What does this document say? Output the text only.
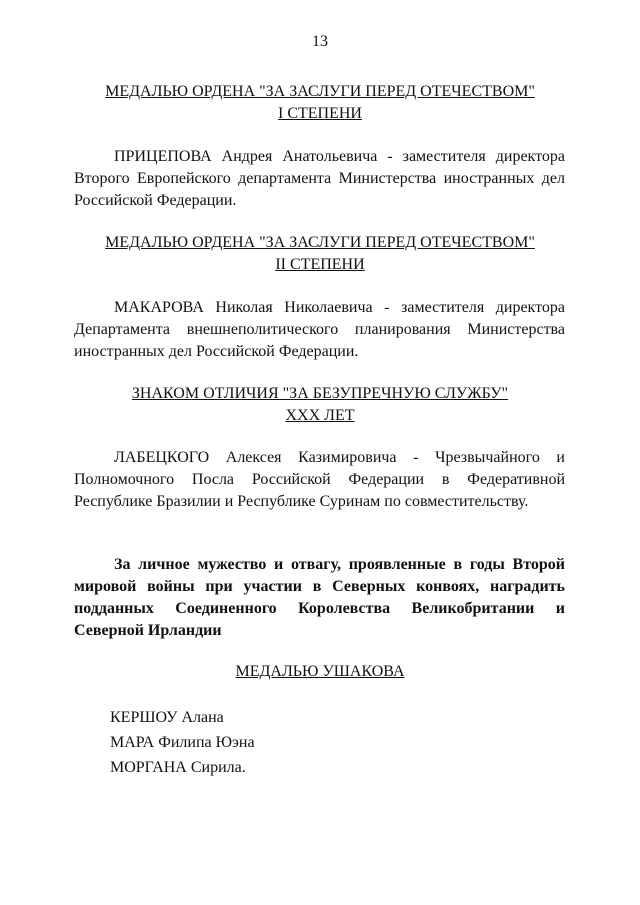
13
МЕДАЛЬЮ ОРДЕНА "ЗА ЗАСЛУГИ ПЕРЕД ОТЕЧЕСТВОМ"
I СТЕПЕНИ

ПРИЦЕПОВА Андрея Анатольевича - заместителя директора Второго Европейского департамента Министерства иностранных дел Российской Федерации.

МЕДАЛЬЮ ОРДЕНА "ЗА ЗАСЛУГИ ПЕРЕД ОТЕЧЕСТВОМ"
II СТЕПЕНИ

МАКАРОВА Николая Николаевича - заместителя директора Департамента внешнеполитического планирования Министерства иностранных дел Российской Федерации.

ЗНАКОМ ОТЛИЧИЯ "ЗА БЕЗУПРЕЧНУЮ СЛУЖБУ"
XXX ЛЕТ

ЛАБЕЦКОГО Алексея Казимировича - Чрезвычайного и Полномочного Посла Российской Федерации в Федеративной Республике Бразилии и Республике Суринам по совместительству.

За личное мужество и отвагу, проявленные в годы Второй мировой войны при участии в Северных конвоях, наградить подданных Соединенного Королевства Великобритании и Северной Ирландии

МЕДАЛЬЮ УШАКОВА
КЕРШОУ Алана
МАРА Филипа Юэна
МОРГАНА Сирила.
